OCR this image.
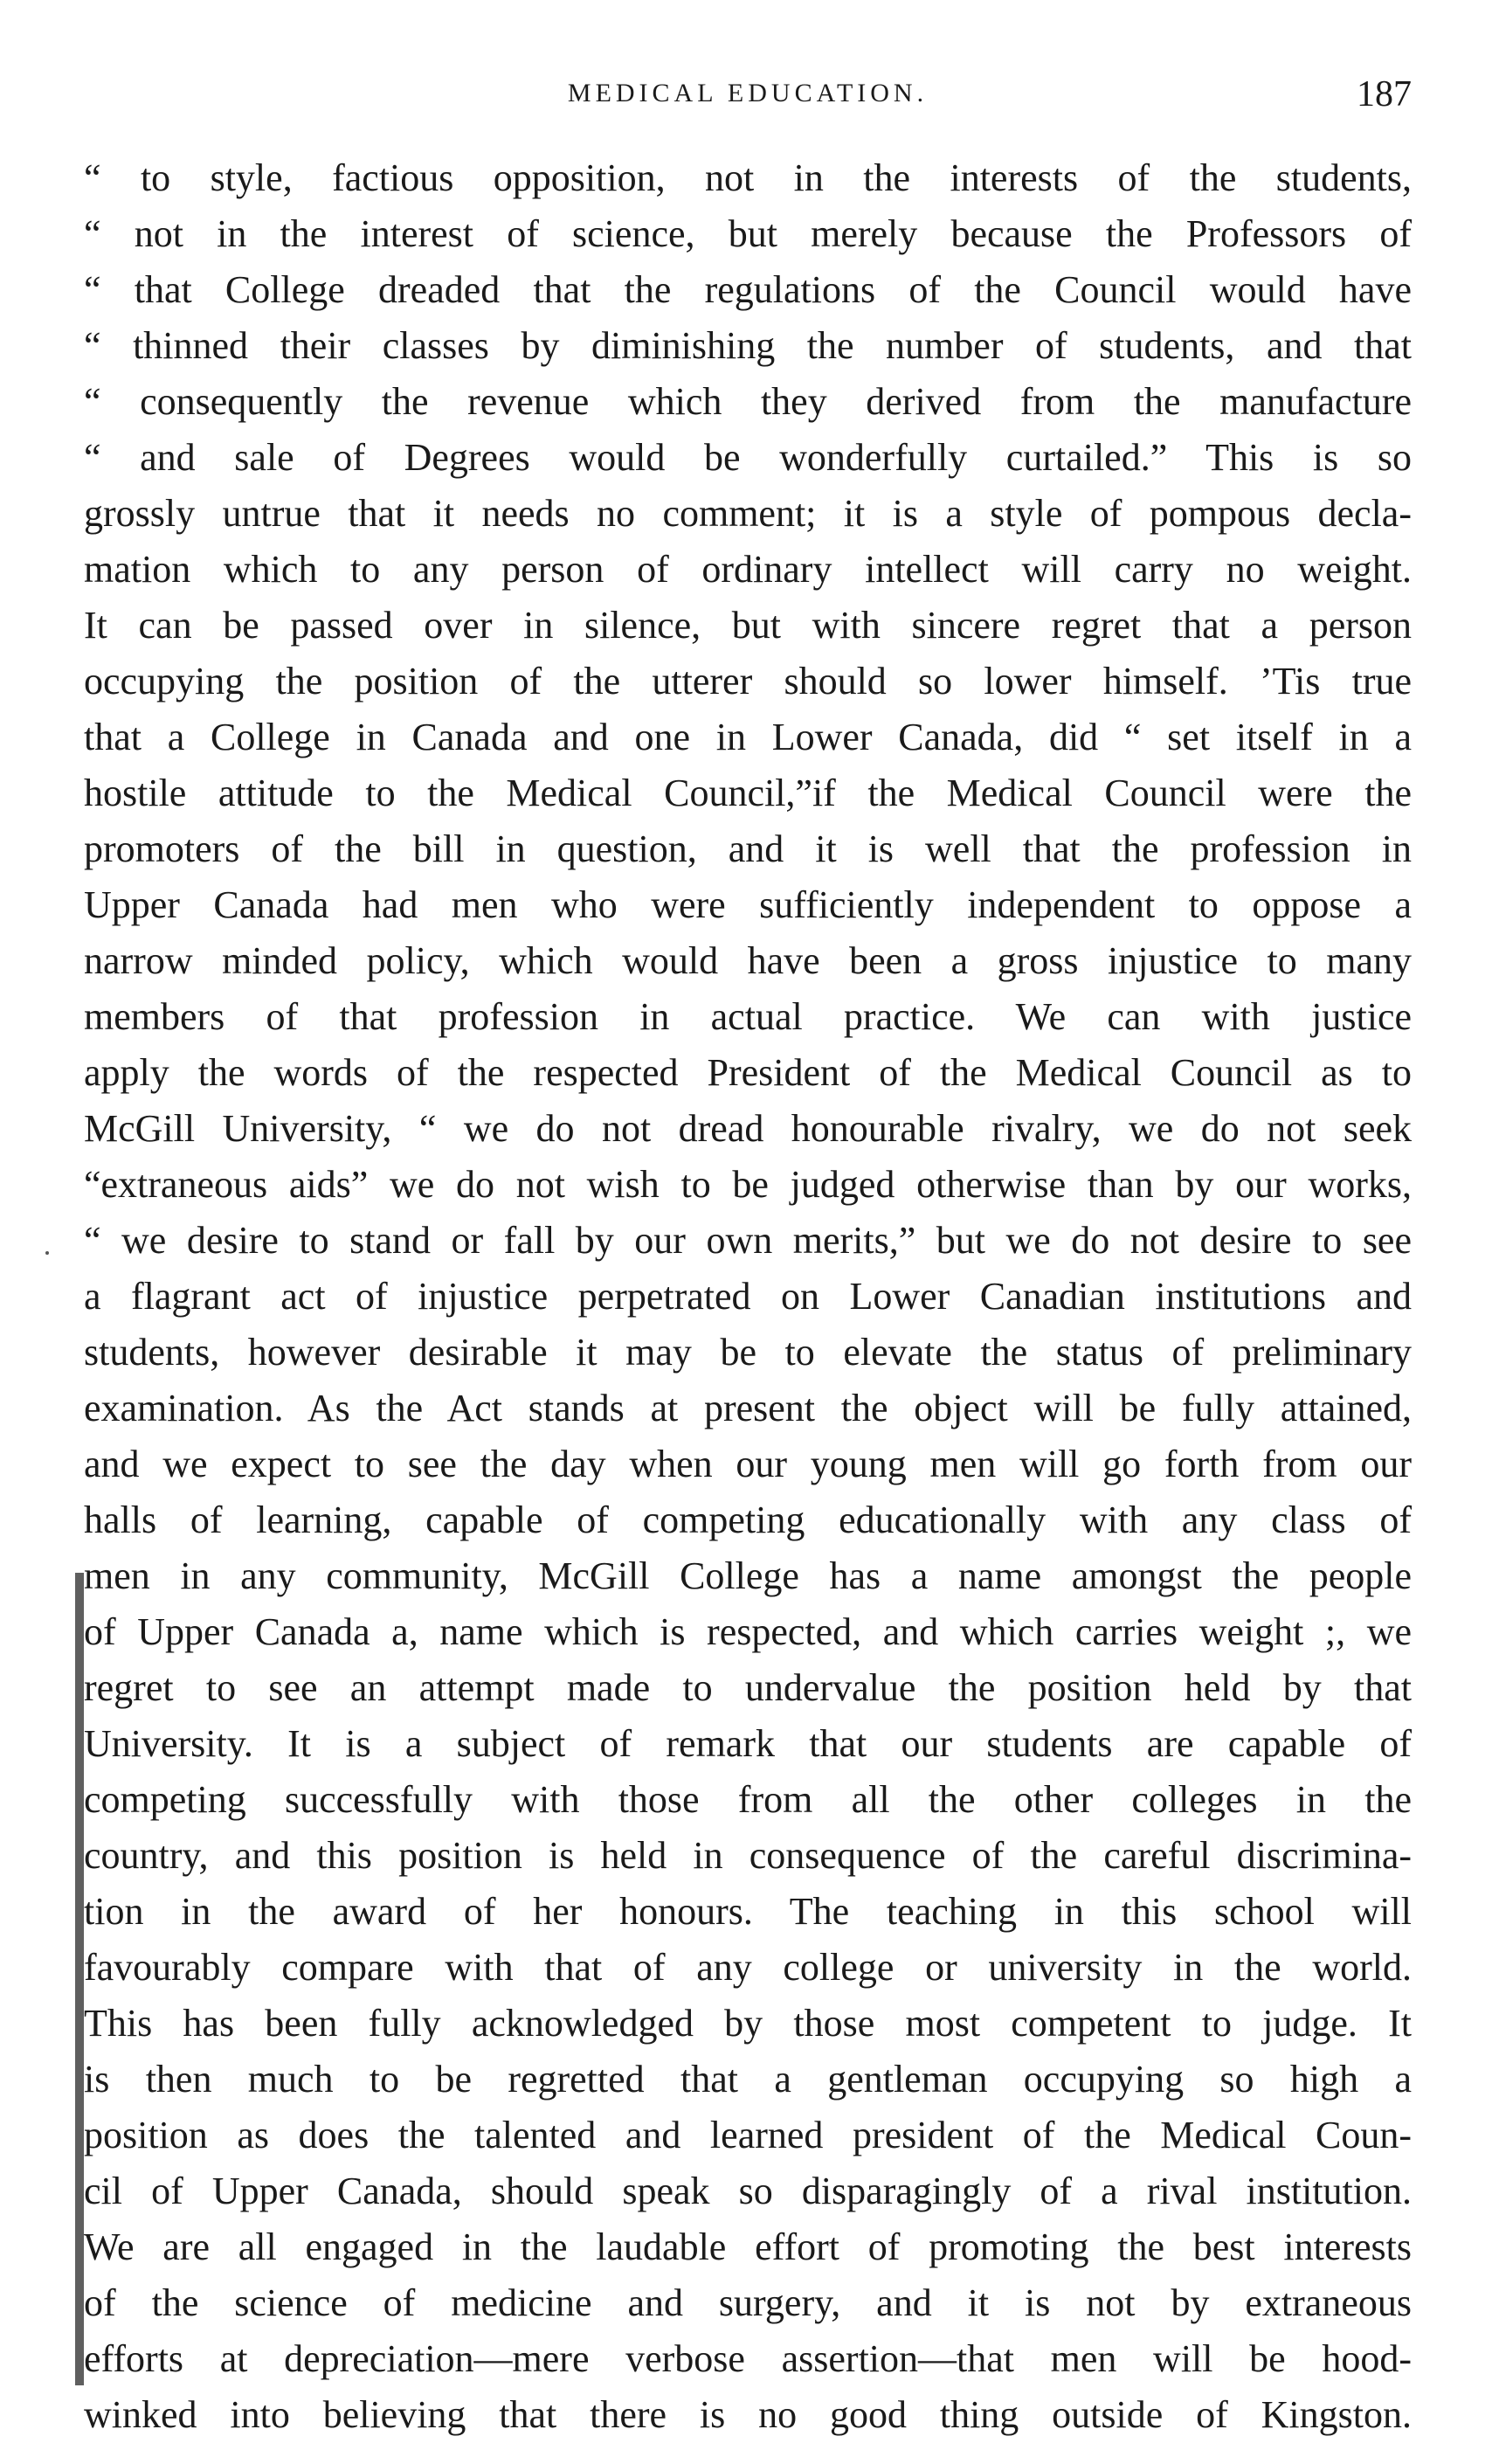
MEDICAL EDUCATION.	187
“ to style, factious opposition, not in the interests of the students,
“ not in the interest of science, but merely because the Professors of
“ that College dreaded that the regulations of the Council would have
“ thinned their classes by diminishing the number of students, and that
“ consequently the revenue which they derived from the manufacture
“ and sale of Degrees would be wonderfully curtailed.” This is so
grossly untrue that it needs no comment; it is a style of pompous decla-
mation which to any person of ordinary intellect will carry no weight.
It can be passed over in silence, but with sincere regret that a person
occupying the position of the utterer should so lower himself. ’Tis true
that a College in Canada and one in Lower Canada, did “ set itself in a
hostile attitude to the Medical Council,”if the Medical Council were the
promoters of the bill in question, and it is well that the profession in
Upper Canada had men who were sufficiently independent to oppose a
narrow minded policy, which would have been a gross injustice to many
members of that profession in actual practice. We can with justice
apply the words of the respected President of the Medical Council as to
McGill University, “ we do not dread honourable rivalry, we do not seek
“extraneous aids” we do not wish to be judged otherwise than by our works,
“ we desire to stand or fall by our own merits,” but we do not desire to see
a flagrant act of injustice perpetrated on Lower Canadian institutions and
students, however desirable it may be to elevate the status of preliminary
examination. As the Act stands at present the object will be fully attained,
and we expect to see the day when our young men will go forth from our
halls of learning, capable of competing educationally with any class of
men in any community, McGill College has a name amongst the people
of Upper Canada a, name which is respected, and which carries weight ;, we
regret to see an attempt made to undervalue the position held by that
University. It is a subject of remark that our students are capable of
competing successfully with those from all the other colleges in the
country, and this position is held in consequence of the careful discrimina-
tion in the award of her honours. The teaching in this school will
favourably compare with that of any college or university in the world.
This has been fully acknowledged by those most competent to judge. It
is then much to be regretted that a gentleman occupying so high a
position as does the talented and learned president of the Medical Coun-
cil of Upper Canada, should speak so disparagingly of a rival institution.
We are all engaged in the laudable effort of promoting the best interests
of the science of medicine and surgery, and it is not by extraneous
efforts at depreciation—mere verbose assertion—that men will be hood-
winked into believing that there is no good thing outside of Kingston.
